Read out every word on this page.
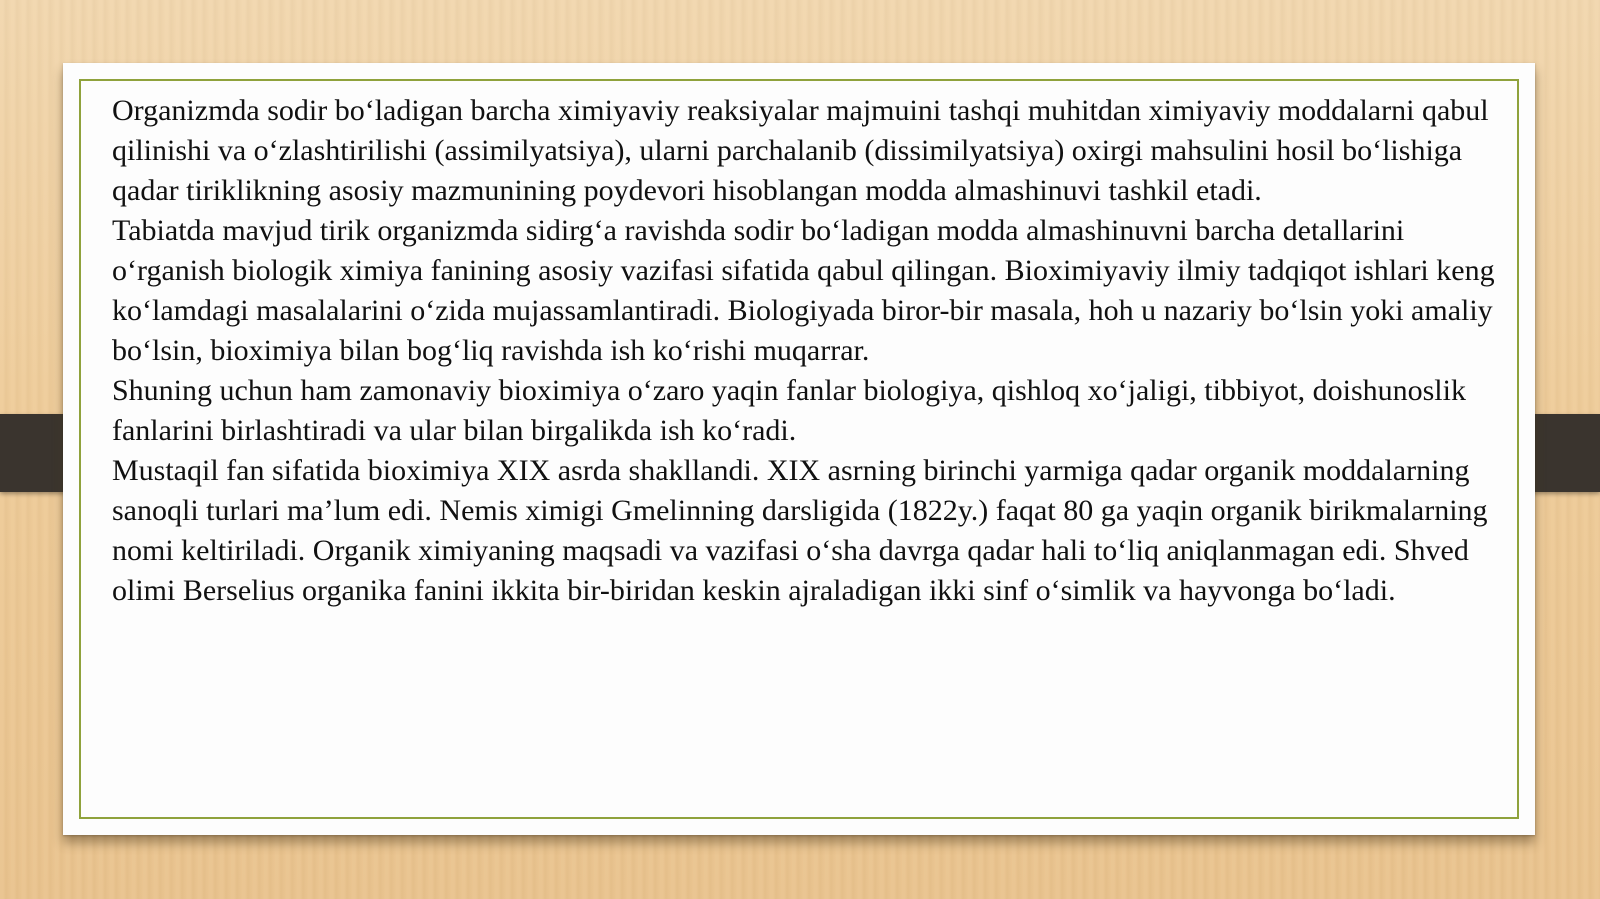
Organizmda sodir bo‘ladigan barcha ximiyaviy reaksiyalar majmuini tashqi muhitdan ximiyaviy moddalarni qabul qilinishi va o‘zlashtirilishi (assimilyatsiya), ularni parchalanib (dissimilyatsiya) oxirgi mahsulini hosil bo‘lishiga qadar tiriklikning asosiy mazmunining poydevori hisoblangan modda almashinuvi tashkil etadi.

Tabiatda mavjud tirik organizmda sidirg‘a ravishda sodir bo‘ladigan modda almashinuvni barcha detallarini o‘rganish biologik ximiya fanining asosiy vazifasi sifatida qabul qilingan. Bioximiyaviy ilmiy tadqiqot ishlari keng ko‘lamdagi masalalarini o‘zida mujassamlantiradi. Biologiyada biror-bir masala, hoh u nazariy bo‘lsin yoki amaliy bo‘lsin, bioximiya bilan bog‘liq ravishda ish ko‘rishi muqarrar.

Shuning uchun ham zamonaviy bioximiya o‘zaro yaqin fanlar biologiya, qishloq xo‘jaligi, tibbiyot, doishunoslik fanlarini birlashtiradi va ular bilan birgalikda ish ko‘radi.

Mustaqil fan sifatida bioximiya XIX asrda shakllandi. XIX asrning birinchi yarmiga qadar organik moddalarning sanoqli turlari ma’lum edi. Nemis ximigi Gmelinning darsligida (1822y.) faqat 80 ga yaqin organik birikmalarning nomi keltiriladi. Organik ximiyaning maqsadi va vazifasi o‘sha davrga qadar hali to‘liq aniqlanmagan edi. Shved olimi Berselius organika fanini ikkita bir-biridan keskin ajraladigan ikki sinf o‘simlik va hayvonga bo‘ladi.
